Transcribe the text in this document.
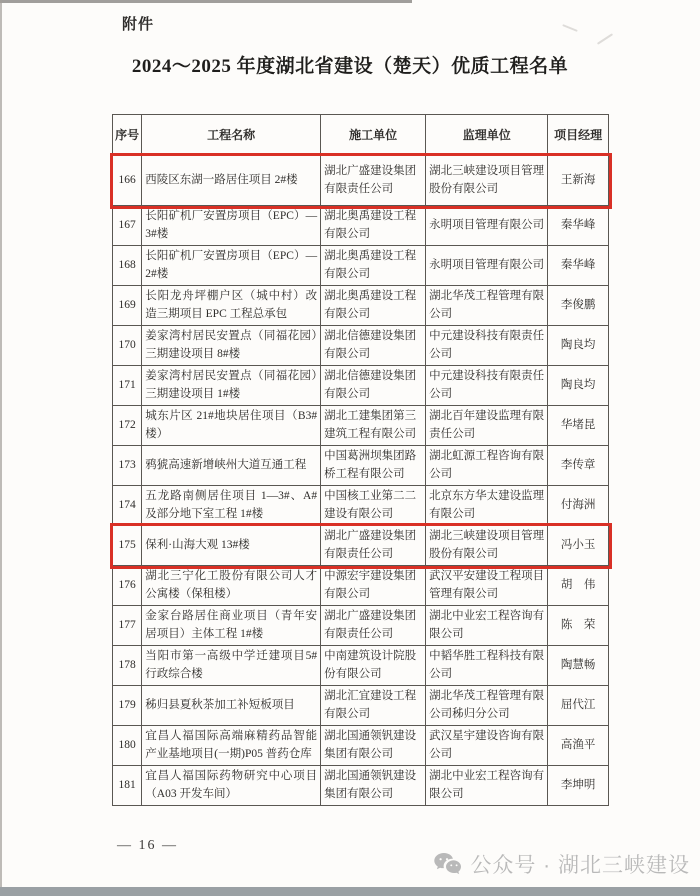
附件
2024～2025 年度湖北省建设（楚天）优质工程名单
序号	工程名称	施工单位	监理单位	项目经理
166	西陵区东湖一路居住项目 2#楼	湖北广盛建设集团有限责任公司	湖北三峡建设项目管理股份有限公司	王新海
167	长阳矿机厂安置房项目（EPC）—3#楼	湖北奥禹建设工程有限公司	永明项目管理有限公司	秦华峰
168	长阳矿机厂安置房项目（EPC）—2#楼	湖北奥禹建设工程有限公司	永明项目管理有限公司	秦华峰
169	长阳龙舟坪棚户区（城中村）改造三期项目 EPC 工程总承包	湖北奥禹建设工程有限公司	湖北华茂工程管理有限公司	李俊鹏
170	姜家湾村居民安置点（同福花园）三期建设项目 8#楼	湖北信德建设集团有限公司	中元建设科技有限责任公司	陶良均
171	姜家湾村居民安置点（同福花园）三期建设项目 1#楼	湖北信德建设集团有限公司	中元建设科技有限责任公司	陶良均
172	城东片区 21#地块居住项目（B3#楼）	湖北工建集团第三建筑工程有限公司	湖北百年建设监理有限责任公司	华堵昆
173	鸦猇高速新增峡州大道互通工程	中国葛洲坝集团路桥工程有限公司	湖北虹源工程咨询有限公司	李传章
174	五龙路南侧居住项目 1—3#、A#及部分地下室工程 1#楼	中国核工业第二二建设有限公司	北京东方华太建设监理有限公司	付海洲
175	保利·山海大观 13#楼	湖北广盛建设集团有限责任公司	湖北三峡建设项目管理股份有限公司	冯小玉
176	湖北三宁化工股份有限公司人才公寓楼（保租楼）	中源宏宇建设集团有限公司	武汉平安建设工程项目管理有限公司	胡　伟
177	金家台路居住商业项目（青年安居项目）主体工程 1#楼	湖北广盛建设集团有限责任公司	湖北中业宏工程咨询有限公司	陈　荣
178	当阳市第一高级中学迁建项目5#行政综合楼	中南建筑设计院股份有限公司	中韬华胜工程科技有限公司	陶慧畅
179	秭归县夏秋茶加工补短板项目	湖北汇宜建设工程有限公司	湖北华茂工程管理有限公司秭归分公司	屈代江
180	宜昌人福国际高端麻精药品智能产业基地项目(一期)P05 普药仓库	湖北国通领钒建设集团有限公司	武汉星宇建设咨询有限公司	高渔平
181	宜昌人福国际药物研究中心项目（A03 开发车间）	湖北国通领钒建设集团有限公司	湖北中业宏工程咨询有限公司	李坤明
— 16 —
公众号 · 湖北三峡建设
